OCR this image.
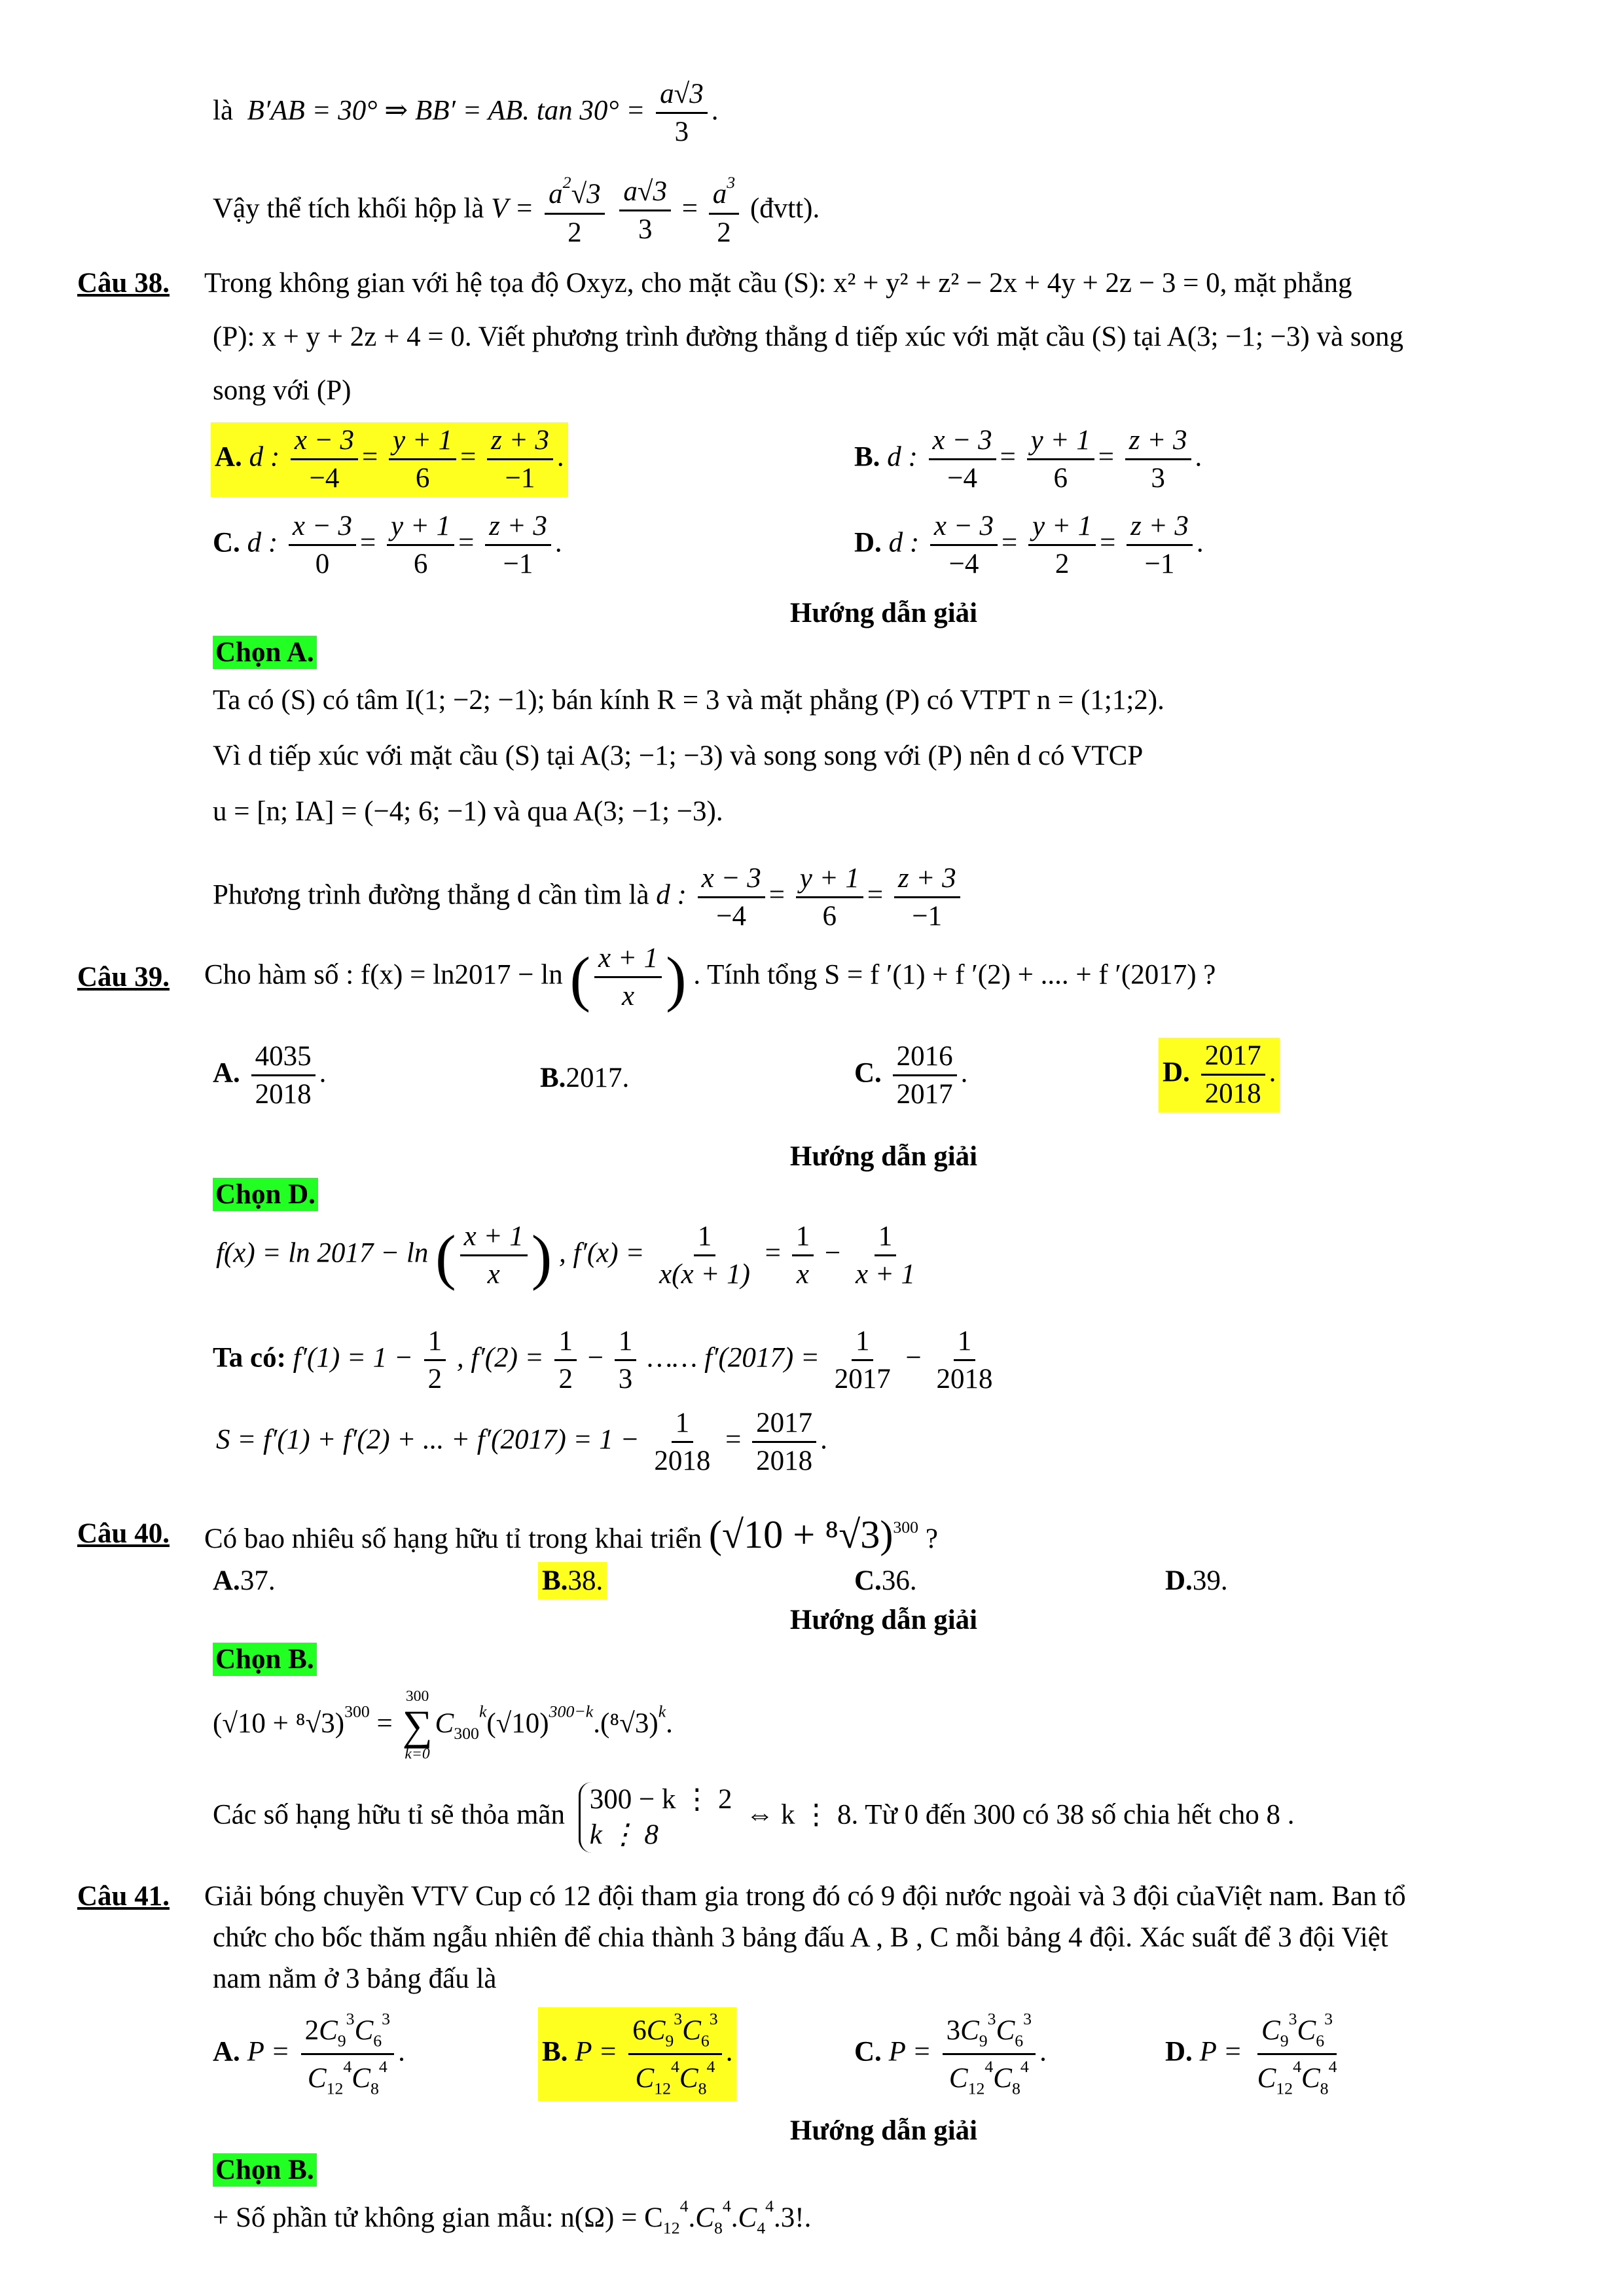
là B′AB = 30° ⇒ BB′ = AB. $\tan 30^\circ = \frac{a√3}{3}$ .
Vậy thể tích khối hộp là $V = \frac{a^2√3}{2}$
$\frac{a√3}{3} = \frac{a^3}{2}$ (đvtt).
Câu 38. Trong không gian với hệ tọa độ Oxyz, cho mặt cầu (S): x² + y² + z² − 2x + 4y + 2z − 3 = 0, mặt phẳng
(P): x + y + 2z + 4 = 0. Viết phương trình đường thẳng d tiếp xúc với mặt cầu (S) tại A(3; −1; −3) và song
song với (P)
A. d : $\frac{x - 3}{-4} = \frac{y + 1}{6} = \frac{z + 3}{-1}$ .	B. d : $\frac{x - 3}{-4} = \frac{y + 1}{6} = \frac{z + 3}{3}$ .
C. d : $\frac{x - 3}{0} = \frac{y + 1}{6} = \frac{z + 3}{-1}$ .	D. d : $\frac{x - 3}{-4} = \frac{y + 1}{2} = \frac{z + 3}{-1}$ .
Hướng dẫn giải
Chọn A.
Ta có (S) có tâm I(1; −2; −1); bán kính R = 3 và mặt phẳng (P) có VTPT n = (1;1;2).
Vì d tiếp xúc với mặt cầu (S) tại A(3; −1; −3) và song song với (P) nên d có VTCP
u = [n; IA] = (−4; 6; −1) và qua A(3; −1; −3).
Phương trình đường thẳng d cần tìm là d : $\frac{x - 3}{-4} = \frac{y + 1}{6} = \frac{z + 3}{-1}$
Câu 39. Cho hàm số : f(x) = ln2017 − ln ( $\frac{x + 1}{x}$ ) . Tính tổng S = f ′(1) + f ′(2) + .... + f ′(2017) ?
A. $\frac{4035}{2018}$ .	B.2017.	C. $\frac{2016}{2017}$ .	D. $\frac{2017}{2018}$ .
Hướng dẫn giải
Chọn D.
f(x) = ln 2017 − ln ( $\frac{x + 1}{x}$ ) , $f'(x) = \frac{1}{x(x + 1)} = \frac{1}{x} - \frac{1}{x + 1}$
Ta có: $f'(1) = 1 - \frac{1}{2}$ , $f'(2) = \frac{1}{2} - \frac{1}{3}$ …… $f'(2017) = \frac{1}{2017} - \frac{1}{2018}$
S = f′(1) + f′(2) + ... + $f'(2017) = 1 - \frac{1}{2018} = \frac{2017}{2018}$ .
Câu 40. Có bao nhiêu số hạng hữu tỉ trong khai triển $(√10 + ^8√3)^{300}$ ?
A.37.	B.38.	C.36.	D.39.
Hướng dẫn giải
Chọn B.
$(√10 + ^8√3)^{300}$ =
300
∑
k=0
$C_{300}^k(√10)^{300-k}.(^8√3)^k$.
Các số hạng hữu tỉ sẽ thỏa mãn
300 − k ⋮ 2
k ⋮ 8
⇔ k ⋮ 8. Từ 0 đến 300 có 38 số chia hết cho 8 .
Câu 41. Giải bóng chuyền VTV Cup có 12 đội tham gia trong đó có 9 đội nước ngoài và 3 đội củaViệt nam. Ban tổ
chức cho bốc thăm ngẫu nhiên để chia thành 3 bảng đấu A , B , C mỗi bảng 4 đội. Xác suất để 3 đội Việt
nam nằm ở 3 bảng đấu là
A. $P = \frac{2C_9^3C_6^3}{C_{12}^4C_8^4}$ .	B. $P = \frac{6C_9^3C_6^3}{C_{12}^4C_8^4}$ .	C. $P = \frac{3C_9^3C_6^3}{C_{12}^4C_8^4}$ .	D. $P = \frac{C_9^3C_6^3}{C_{12}^4C_8^4}$
Hướng dẫn giải
Chọn B.
+ Số phần tử không gian mẫu: $n(\Omega) = C_{12}^4.C_8^4.C_4^4.3$!.
